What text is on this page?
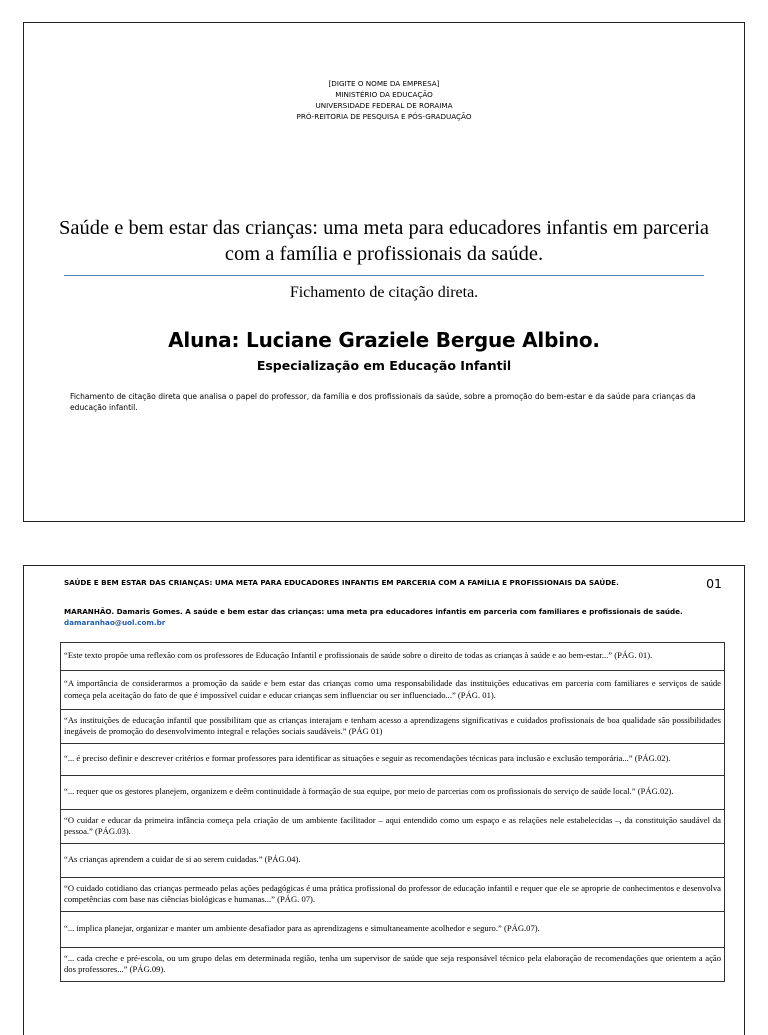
[DIGITE O NOME DA EMPRESA]
MINISTÉRIO DA EDUCAÇÃO
UNIVERSIDADE FEDERAL DE RORAIMA
PRÓ-REITORIA DE PESQUISA E PÓS-GRADUAÇÃO
Saúde e bem estar das crianças: uma meta para educadores infantis em parceria com a família e profissionais da saúde.
Fichamento de citação direta.
Aluna: Luciane Graziele Bergue Albino.
Especialização em Educação Infantil
Fichamento de citação direta que analisa o papel do professor, da família e dos profissionais da saúde, sobre a promoção do bem-estar e da saúde para crianças da educação infantil.
SAÚDE E BEM ESTAR DAS CRIANÇAS: UMA META PARA EDUCADORES INFANTIS EM PARCERIA COM A FAMÍLIA E PROFISSIONAIS DA SAÚDE.	01
MARANHÃO. Damaris Gomes. A saúde e bem estar das crianças: uma meta pra educadores infantis em parceria com familiares e profissionais de saúde.
damaranhao@uol.com.br
“Este texto propõe uma reflexão com os professores de Educação Infantil e profissionais de saúde sobre o direito de todas as crianças à saúde e ao bem-estar...” (PÁG. 01).
“A importância de considerarmos a promoção da saúde e bem estar das crianças como uma responsabilidade das instituições educativas em parceria com familiares e serviços de saúde começa pela aceitação do fato de que é impossível cuidar e educar crianças sem influenciar ou ser influenciado...” (PÁG. 01).
“As instituições de educação infantil que possibilitam que as crianças interajam e tenham acesso a aprendizagens significativas e cuidados profissionais de boa qualidade são possibilidades inegáveis de promoção do desenvolvimento integral e relações sociais saudáveis.” (PÁG 01)
“... é preciso definir e descrever critérios e formar professores para identificar as situações e seguir as recomendações técnicas para inclusão e exclusão temporária...” (PÁG.02).
“... requer que os gestores planejem, organizem e deêm continuidade à formação de sua equipe, por meio de parcerias com os profissionais do serviço de saúde local.” (PÁG.02).
“O cuidar e educar da primeira infância começa pela criação de um ambiente facilitador – aqui entendido como um espaço e as relações nele estabelecidas –, da constituição saudável da pessoa.” (PÁG.03).
“As crianças aprendem a cuidar de si ao serem cuidadas.” (PÁG.04).
“O cuidado cotidiano das crianças permeado pelas ações pedagógicas é uma prática profissional do professor de educação infantil e requer que ele se aproprie de conhecimentos e desenvolva competências com base nas ciências biológicas e humanas...” (PÁG. 07).
“... implica planejar, organizar e manter um ambiente desafiador para as aprendizagens e simultaneamente acolhedor e seguro.” (PÁG.07).
“... cada creche e pré-escola, ou um grupo delas em determinada região, tenha um supervisor de saúde que seja responsável técnico pela elaboração de recomendações que orientem a ação dos professores...” (PÁG.09).
